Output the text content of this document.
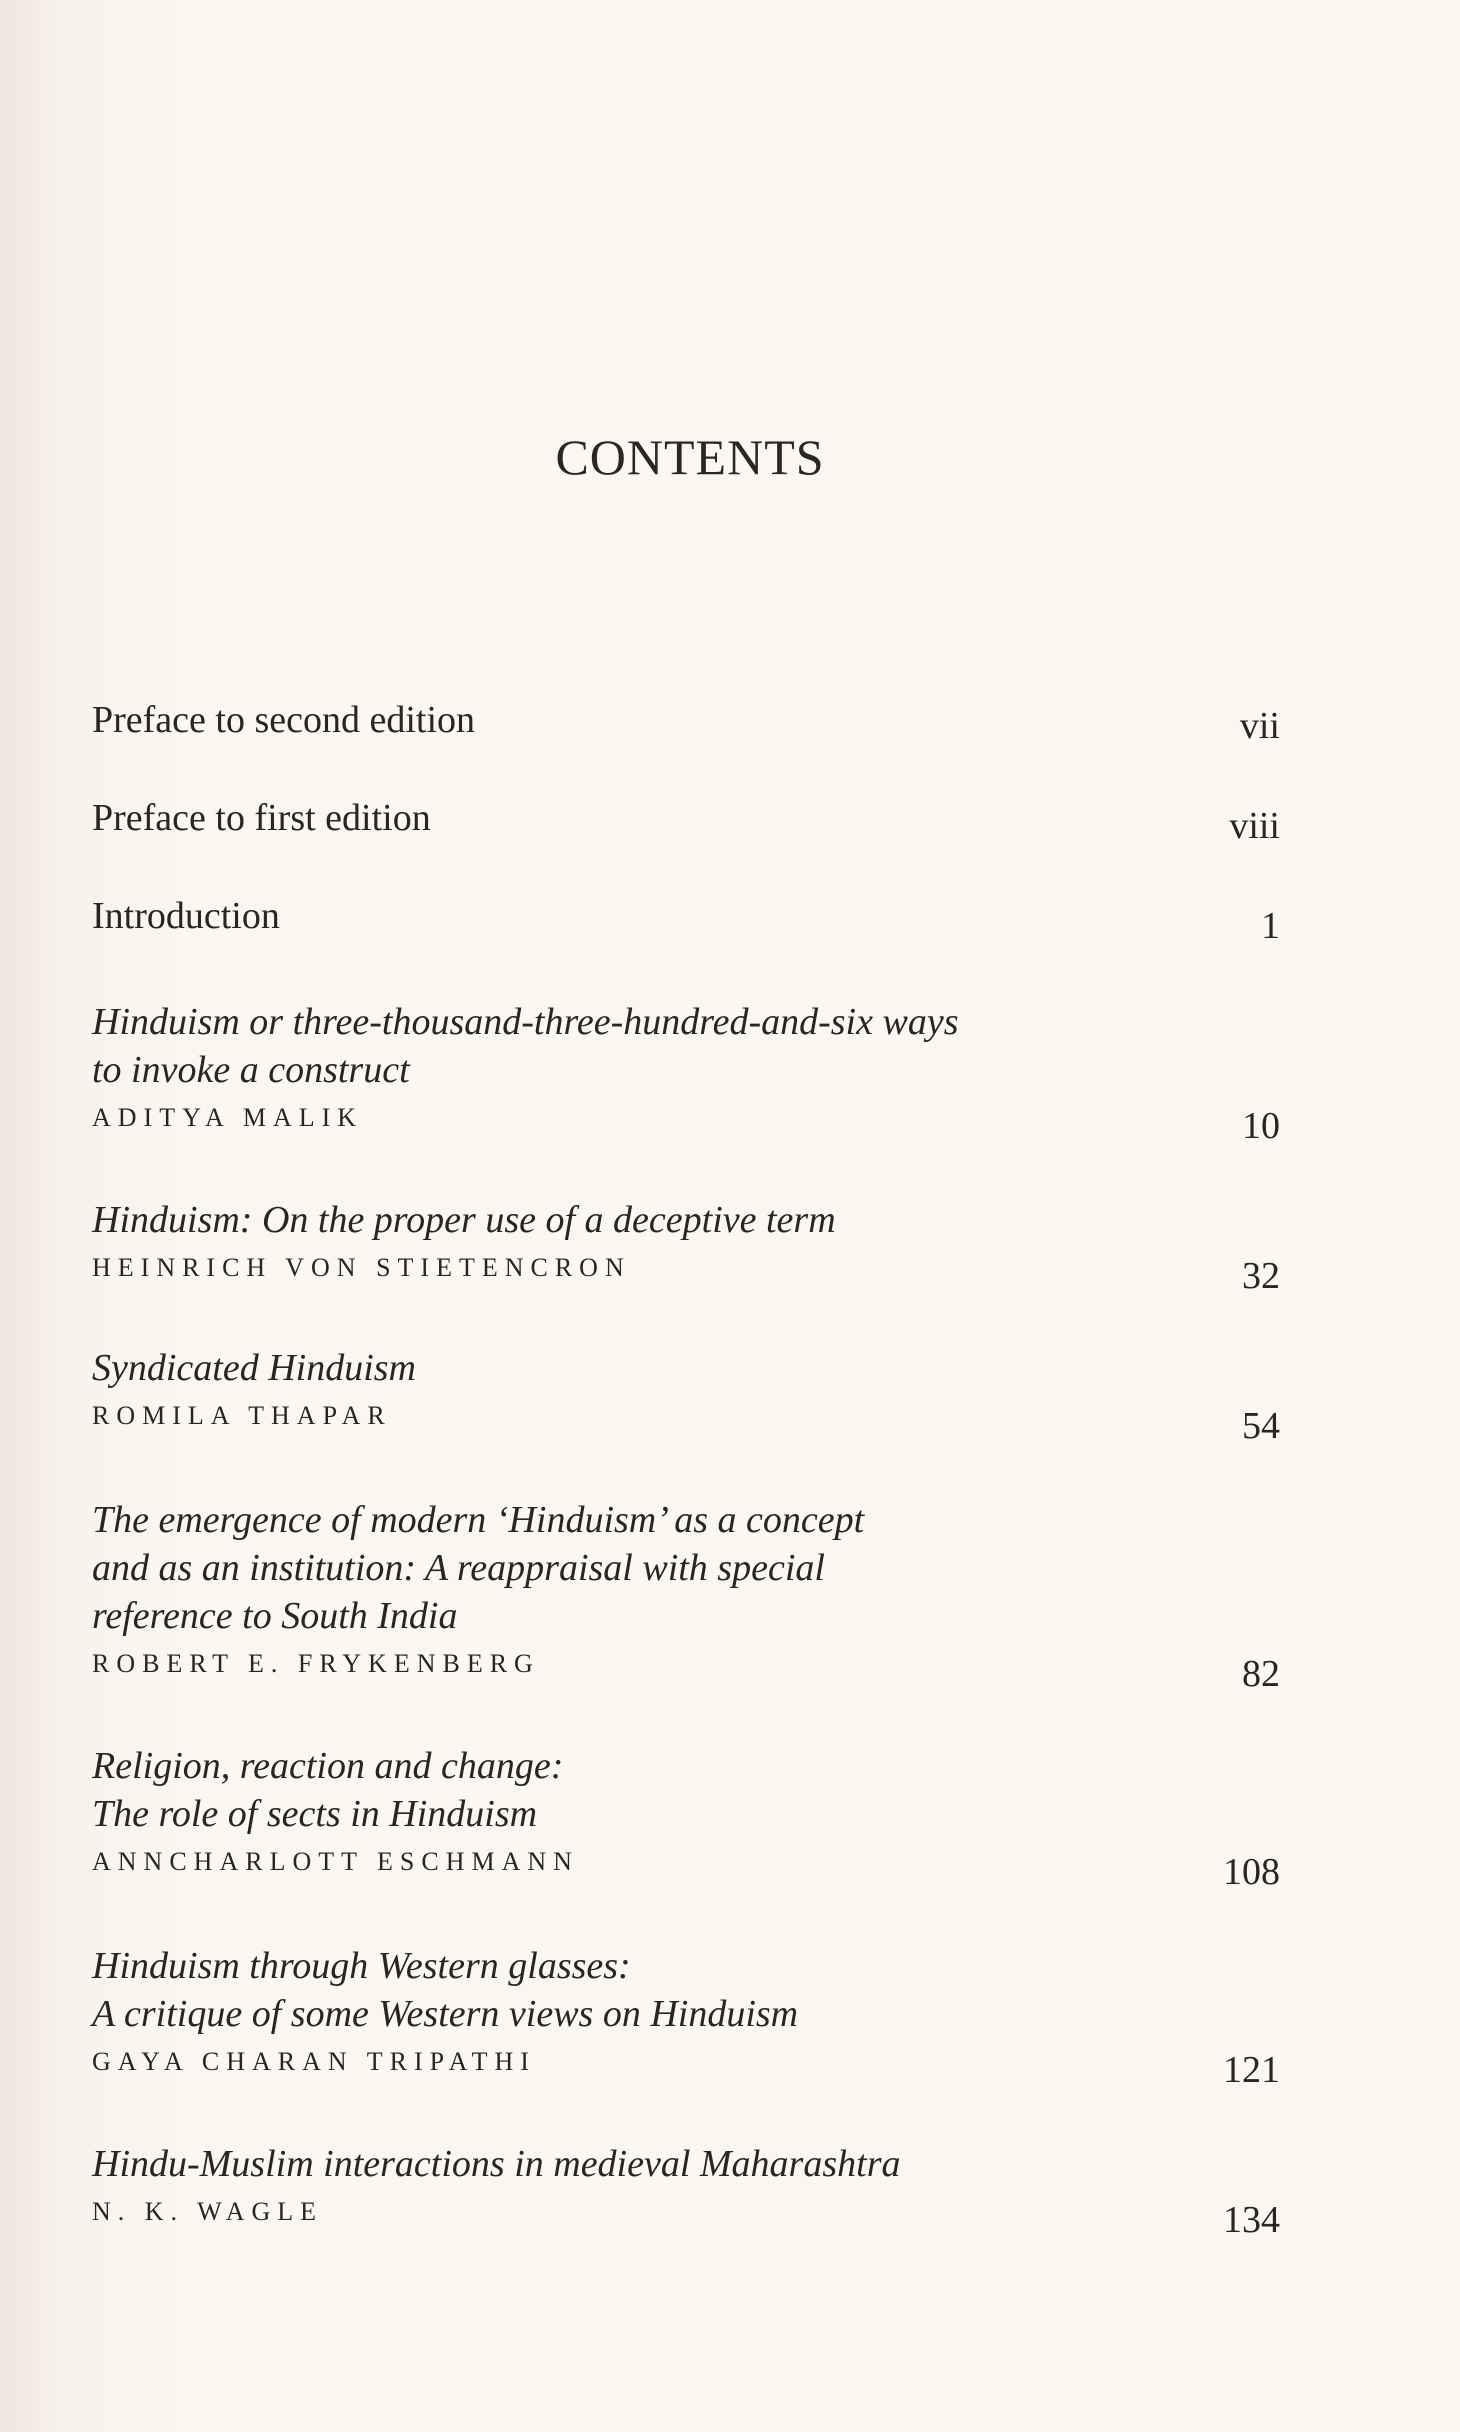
CONTENTS
Preface to second edition	vii
Preface to first edition	viii
Introduction	1
Hinduism or three-thousand-three-hundred-and-six ways
to invoke a construct
ADITYA MALIK	10
Hinduism: On the proper use of a deceptive term
HEINRICH VON STIETENCRON	32
Syndicated Hinduism
ROMILA THAPAR	54
The emergence of modern ‘Hinduism’ as a concept
and as an institution: A reappraisal with special
reference to South India
ROBERT E. FRYKENBERG	82
Religion, reaction and change:
The role of sects in Hinduism
ANNCHARLOTT ESCHMANN	108
Hinduism through Western glasses:
A critique of some Western views on Hinduism
GAYA CHARAN TRIPATHI	121
Hindu-Muslim interactions in medieval Maharashtra
N. K. WAGLE	134
